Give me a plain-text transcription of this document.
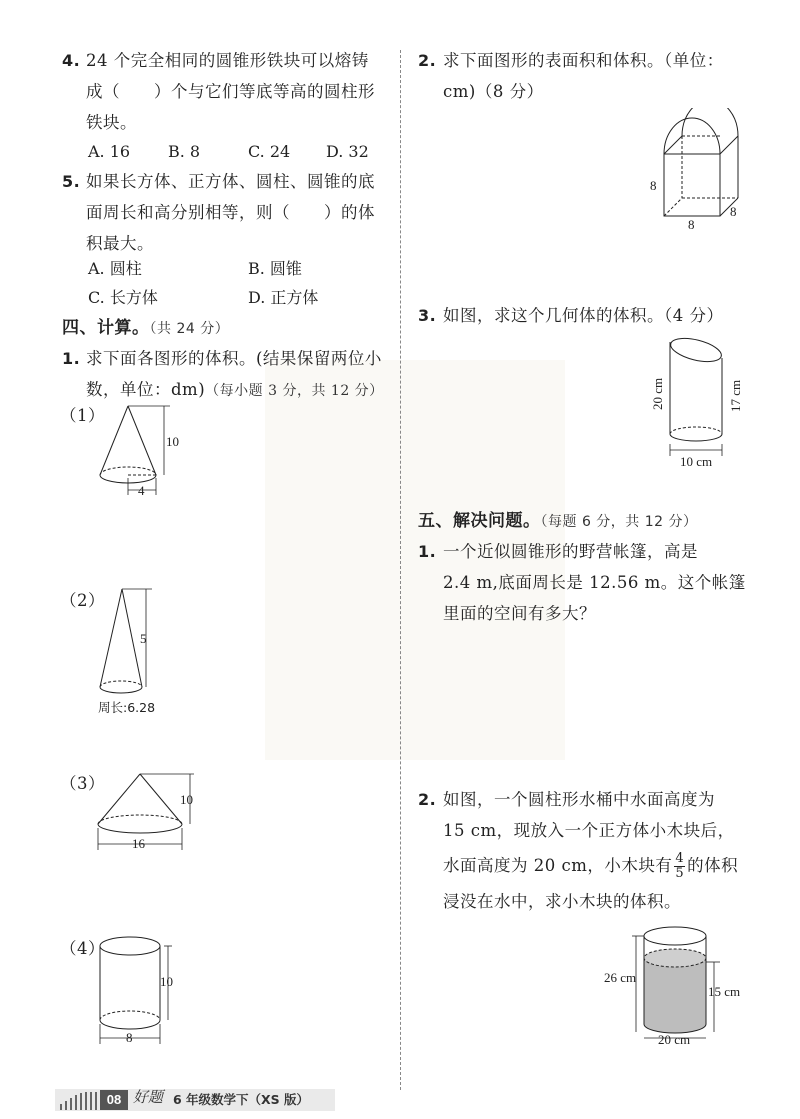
4. 24 个完全相同的圆锥形铁块可以熔铸
成（　　）个与它们等底等高的圆柱形
铁块。
A. 16 B. 8	C. 24 D. 32
5. 如果长方体、正方体、圆柱、圆锥的底
面周长和高分别相等，则（　　）的体
积最大。
A. 圆柱	B. 圆锥
C. 长方体	D. 正方体
四、计算。（共 24 分）
1. 求下面各图形的体积。(结果保留两位小
数，单位：dm)（每小题 3 分，共 12 分）
（1）
10
4
（2）
5
周长:6.28
（3）
10
16
（4）
10
8
2. 求下面图形的表面积和体积。（单位：
cm)（8 分）
8
8
8
3. 如图，求这个几何体的体积。（4 分）
20 cm	17 cm
10 cm
五、解决问题。（每题 6 分，共 12 分）
1. 一个近似圆锥形的野营帐篷，高是
2.4 m,底面周长是 12.56 m。这个帐篷
里面的空间有多大？
2. 如图，一个圆柱形水桶中水面高度为
15 cm，现放入一个正方体小木块后，
水面高度为 20 cm，小木块有 $\frac{4}{5}$ 的体积
浸没在水中，求小木块的体积。
26 cm
15 cm
20 cm
08 好题 6 年级数学下（XS 版）
